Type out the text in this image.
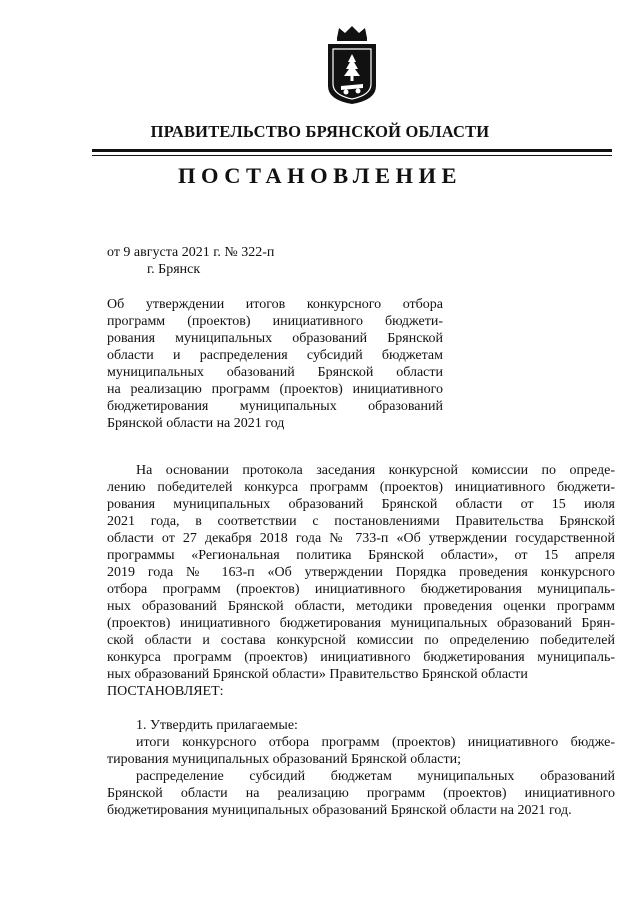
ПРАВИТЕЛЬСТВО БРЯНСКОЙ ОБЛАСТИ
ПОСТАНОВЛЕНИЕ

от 9 августа 2021 г. № 322-п

г. Брянск

Об утверждении итогов конкурсного отбора
программ (проектов) инициативного бюджети-
рования муниципальных образований Брянской
области и распределения субсидий бюджетам
муниципальных обазований Брянской области
на реализацию программ (проектов) инициативного
бюджетирования муниципальных образований
Брянской области на 2021 год
На основании протокола заседания конкурсной комиссии по опреде-
лению победителей конкурса программ (проектов) инициативного бюджети-
рования муниципальных образований Брянской области от 15 июля
2021 года, в соответствии с постановлениями Правительства Брянской
области от 27 декабря 2018 года № 733-п «Об утверждении государственной
программы «Региональная политика Брянской области», от 15 апреля
2019 года № 163-п «Об утверждении Порядка проведения конкурсного
отбора программ (проектов) инициативного бюджетирования муниципаль-
ных образований Брянской области, методики проведения оценки программ
(проектов) инициативного бюджетирования муниципальных образований Брян-
ской области и состава конкурсной комиссии по определению победителей
конкурса программ (проектов) инициативного бюджетирования муниципаль-
ных образований Брянской области» Правительство Брянской области

ПОСТАНОВЛЯЕТ:

1. Утвердить прилагаемые:
итоги конкурсного отбора программ (проектов) инициативного бюдже-
тирования муниципальных образований Брянской области;
распределение субсидий бюджетам муниципальных образований
Брянской области на реализацию программ (проектов) инициативного
бюджетирования муниципальных образований Брянской области на 2021 год.
